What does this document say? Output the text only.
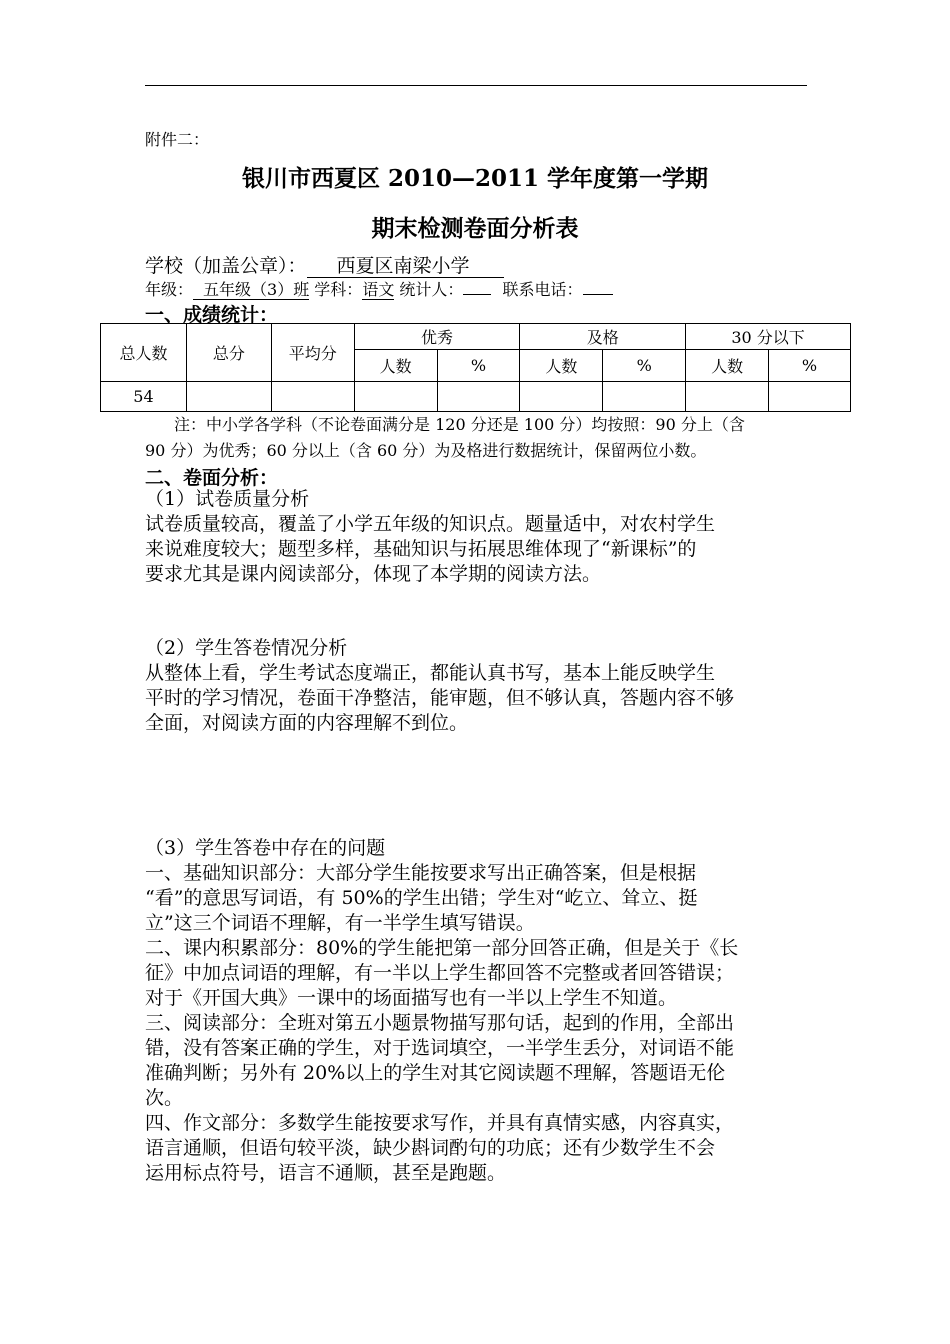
附件二：
银川市西夏区 2010—2011 学年度第一学期
期末检测卷面分析表
学校（加盖公章）： 西夏区南梁小学
年级： 五年级（3）班 学科：语文 统计人： 联系电话：
一、成绩统计：
总人数	总分	平均分	优秀		及格		30 分以下	
			人数	%	人数	%	人数	%
54								
注：中小学各学科（不论卷面满分是 120 分还是 100 分）均按照：90 分上（含
90 分）为优秀；60 分以上（含 60 分）为及格进行数据统计，保留两位小数。
二、卷面分析：

（1）试卷质量分析

试卷质量较高，覆盖了小学五年级的知识点。题量适中，对农村学生

来说难度较大；题型多样，基础知识与拓展思维体现了“新课标”的

要求尤其是课内阅读部分，体现了本学期的阅读方法。

（2）学生答卷情况分析

从整体上看，学生考试态度端正，都能认真书写，基本上能反映学生

平时的学习情况，卷面干净整洁，能审题，但不够认真，答题内容不够

全面，对阅读方面的内容理解不到位。

（3）学生答卷中存在的问题

一、基础知识部分：大部分学生能按要求写出正确答案，但是根据

“看”的意思写词语，有 50%的学生出错；学生对“屹立、耸立、挺

立”这三个词语不理解，有一半学生填写错误。

二、课内积累部分：80%的学生能把第一部分回答正确，但是关于《长

征》中加点词语的理解，有一半以上学生都回答不完整或者回答错误；

对于《开国大典》一课中的场面描写也有一半以上学生不知道。

三、阅读部分：全班对第五小题景物描写那句话，起到的作用，全部出

错，没有答案正确的学生，对于选词填空，一半学生丢分，对词语不能

准确判断；另外有 20%以上的学生对其它阅读题不理解，答题语无伦

次。

四、作文部分：多数学生能按要求写作，并具有真情实感，内容真实，

语言通顺，但语句较平淡，缺少斟词酌句的功底；还有少数学生不会

运用标点符号，语言不通顺，甚至是跑题。
